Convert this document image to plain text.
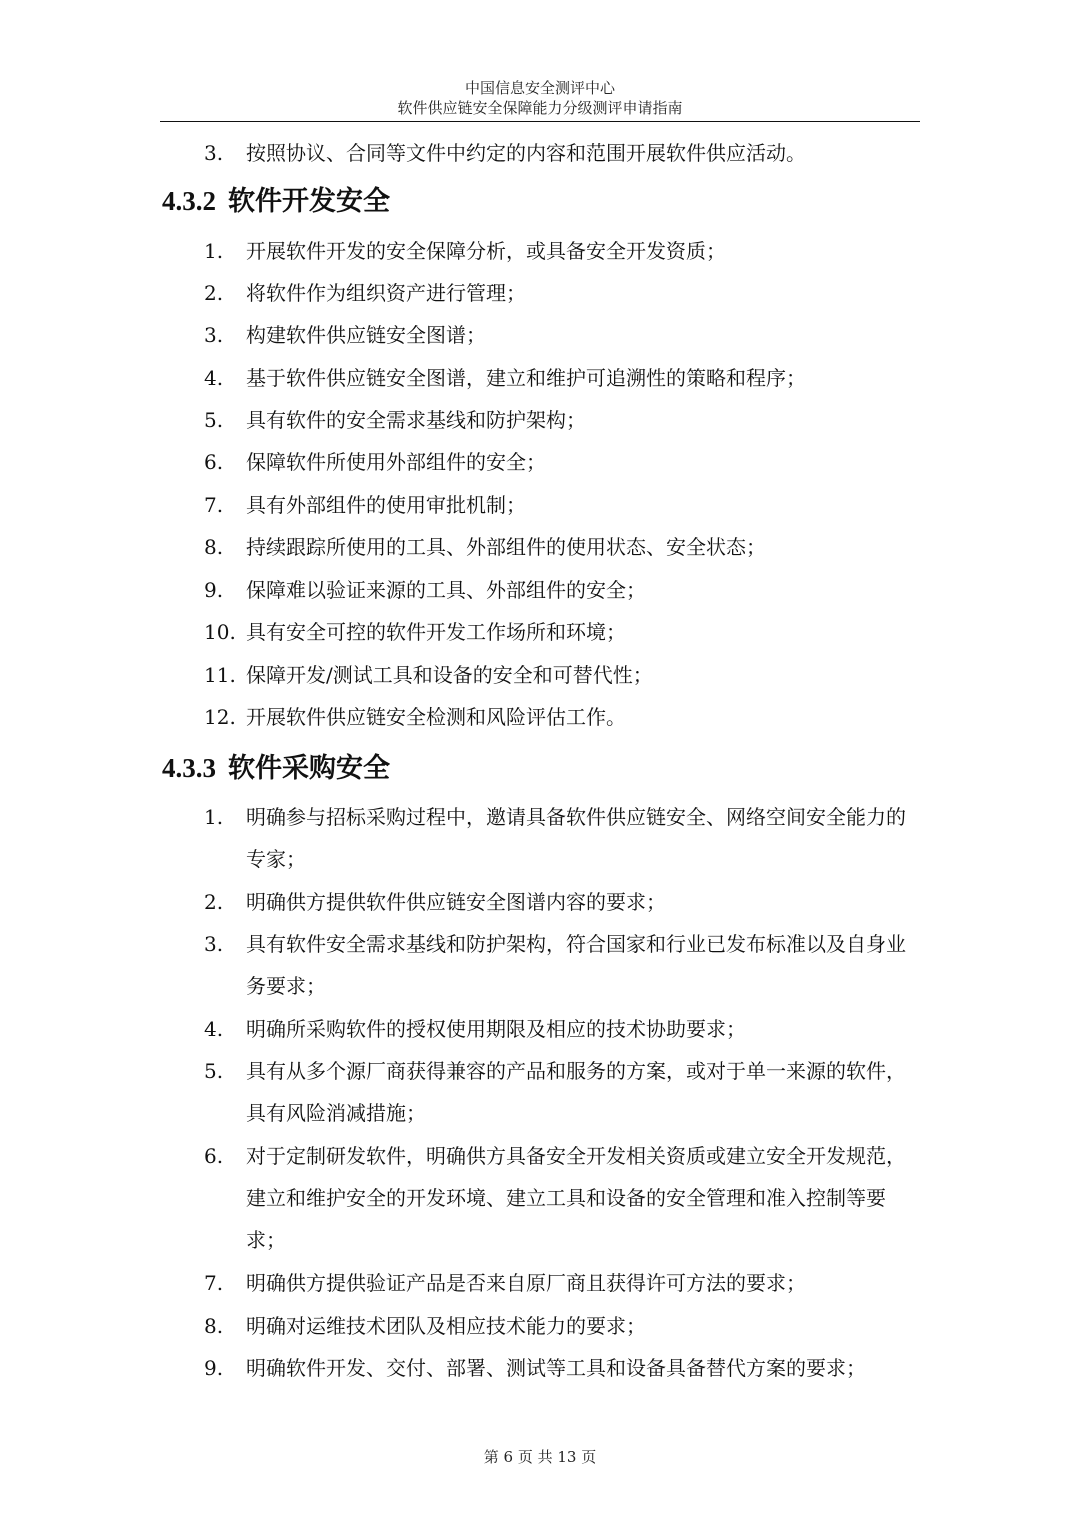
中国信息安全测评中心
软件供应链安全保障能力分级测评申请指南
3.	按照协议、合同等文件中约定的内容和范围开展软件供应活动。
4.3.2 软件开发安全
1.	开展软件开发的安全保障分析，或具备安全开发资质；
2.	将软件作为组织资产进行管理；
3.	构建软件供应链安全图谱；
4.	基于软件供应链安全图谱，建立和维护可追溯性的策略和程序；
5.	具有软件的安全需求基线和防护架构；
6.	保障软件所使用外部组件的安全；
7.	具有外部组件的使用审批机制；
8.	持续跟踪所使用的工具、外部组件的使用状态、安全状态；
9.	保障难以验证来源的工具、外部组件的安全；
10. 具有安全可控的软件开发工作场所和环境；
11. 保障开发/测试工具和设备的安全和可替代性；
12. 开展软件供应链安全检测和风险评估工作。
4.3.3 软件采购安全
1.	明确参与招标采购过程中，邀请具备软件供应链安全、网络空间安全能力的专家；
2.	明确供方提供软件供应链安全图谱内容的要求；
3.	具有软件安全需求基线和防护架构，符合国家和行业已发布标准以及自身业务要求；
4.	明确所采购软件的授权使用期限及相应的技术协助要求；
5.	具有从多个源厂商获得兼容的产品和服务的方案，或对于单一来源的软件，具有风险消减措施；
6.	对于定制研发软件，明确供方具备安全开发相关资质或建立安全开发规范，建立和维护安全的开发环境、建立工具和设备的安全管理和准入控制等要求；
7.	明确供方提供验证产品是否来自原厂商且获得许可方法的要求；
8.	明确对运维技术团队及相应技术能力的要求；
9.	明确软件开发、交付、部署、测试等工具和设备具备替代方案的要求；
第 6 页 共 13 页
